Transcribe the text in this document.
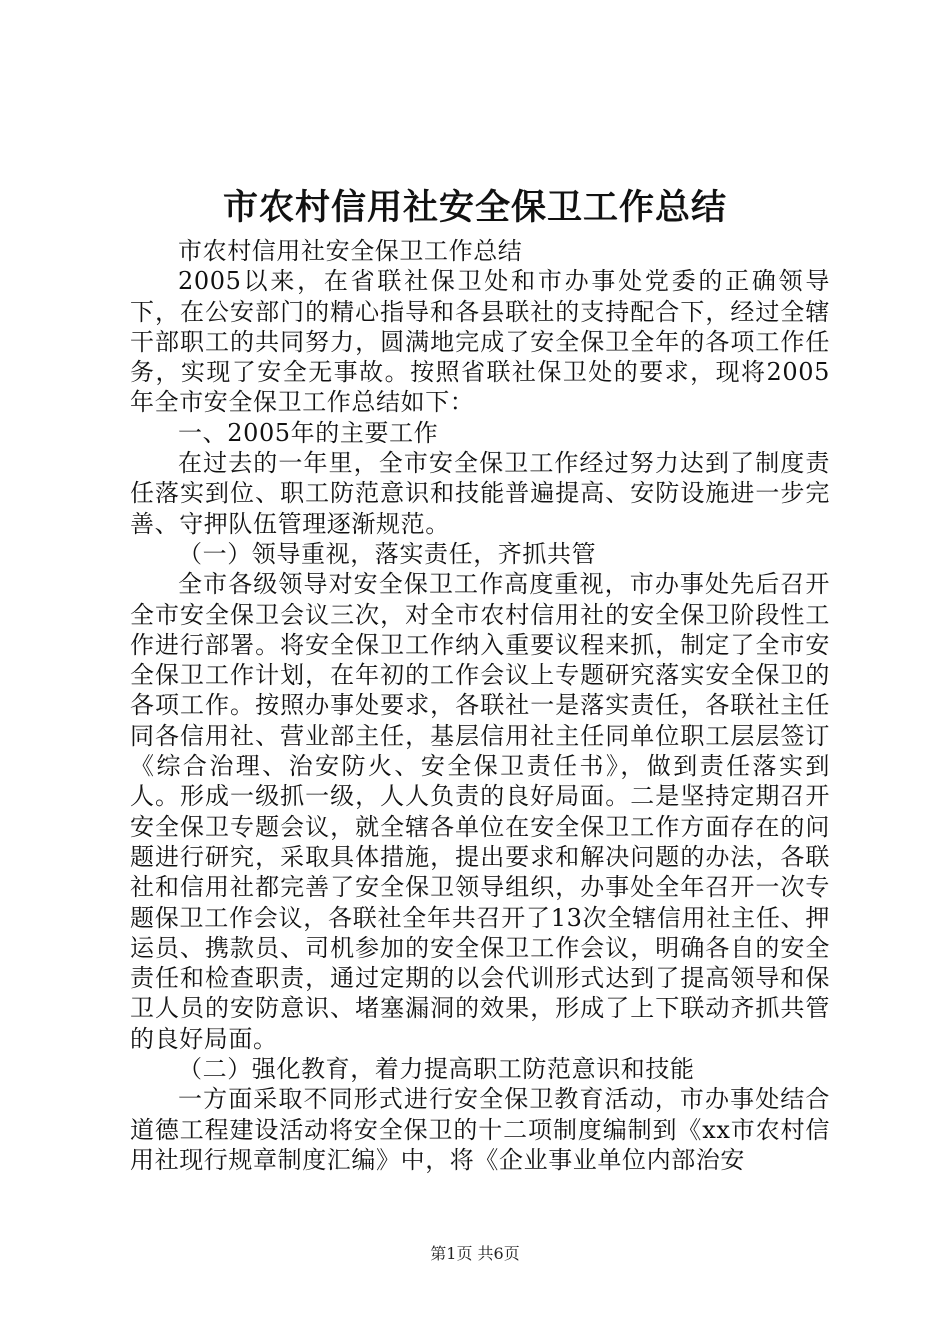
市农村信用社安全保卫工作总结

市农村信用社安全保卫工作总结

2005以来，在省联社保卫处和市办事处党委的正确领导下，在公安部门的精心指导和各县联社的支持配合下，经过全辖干部职工的共同努力，圆满地完成了安全保卫全年的各项工作任务，实现了安全无事故。按照省联社保卫处的要求，现将2005年全市安全保卫工作总结如下：

一、2005年的主要工作

在过去的一年里，全市安全保卫工作经过努力达到了制度责任落实到位、职工防范意识和技能普遍提高、安防设施进一步完善、守押队伍管理逐渐规范。

（一）领导重视，落实责任，齐抓共管

全市各级领导对安全保卫工作高度重视，市办事处先后召开全市安全保卫会议三次，对全市农村信用社的安全保卫阶段性工作进行部署。将安全保卫工作纳入重要议程来抓，制定了全市安全保卫工作计划，在年初的工作会议上专题研究落实安全保卫的各项工作。按照办事处要求，各联社一是落实责任，各联社主任同各信用社、营业部主任，基层信用社主任同单位职工层层签订《综合治理、治安防火、安全保卫责任书》，做到责任落实到人。形成一级抓一级，人人负责的良好局面。二是坚持定期召开安全保卫专题会议，就全辖各单位在安全保卫工作方面存在的问题进行研究，采取具体措施，提出要求和解决问题的办法，各联社和信用社都完善了安全保卫领导组织，办事处全年召开一次专题保卫工作会议，各联社全年共召开了13次全辖信用社主任、押运员、携款员、司机参加的安全保卫工作会议，明确各自的安全责任和检查职责，通过定期的以会代训形式达到了提高领导和保卫人员的安防意识、堵塞漏洞的效果，形成了上下联动齐抓共管的良好局面。

（二）强化教育，着力提高职工防范意识和技能

一方面采取不同形式进行安全保卫教育活动，市办事处结合道德工程建设活动将安全保卫的十二项制度编制到《xx市农村信用社现行规章制度汇编》中，将《企业事业单位内部治安

第1页 共6页
